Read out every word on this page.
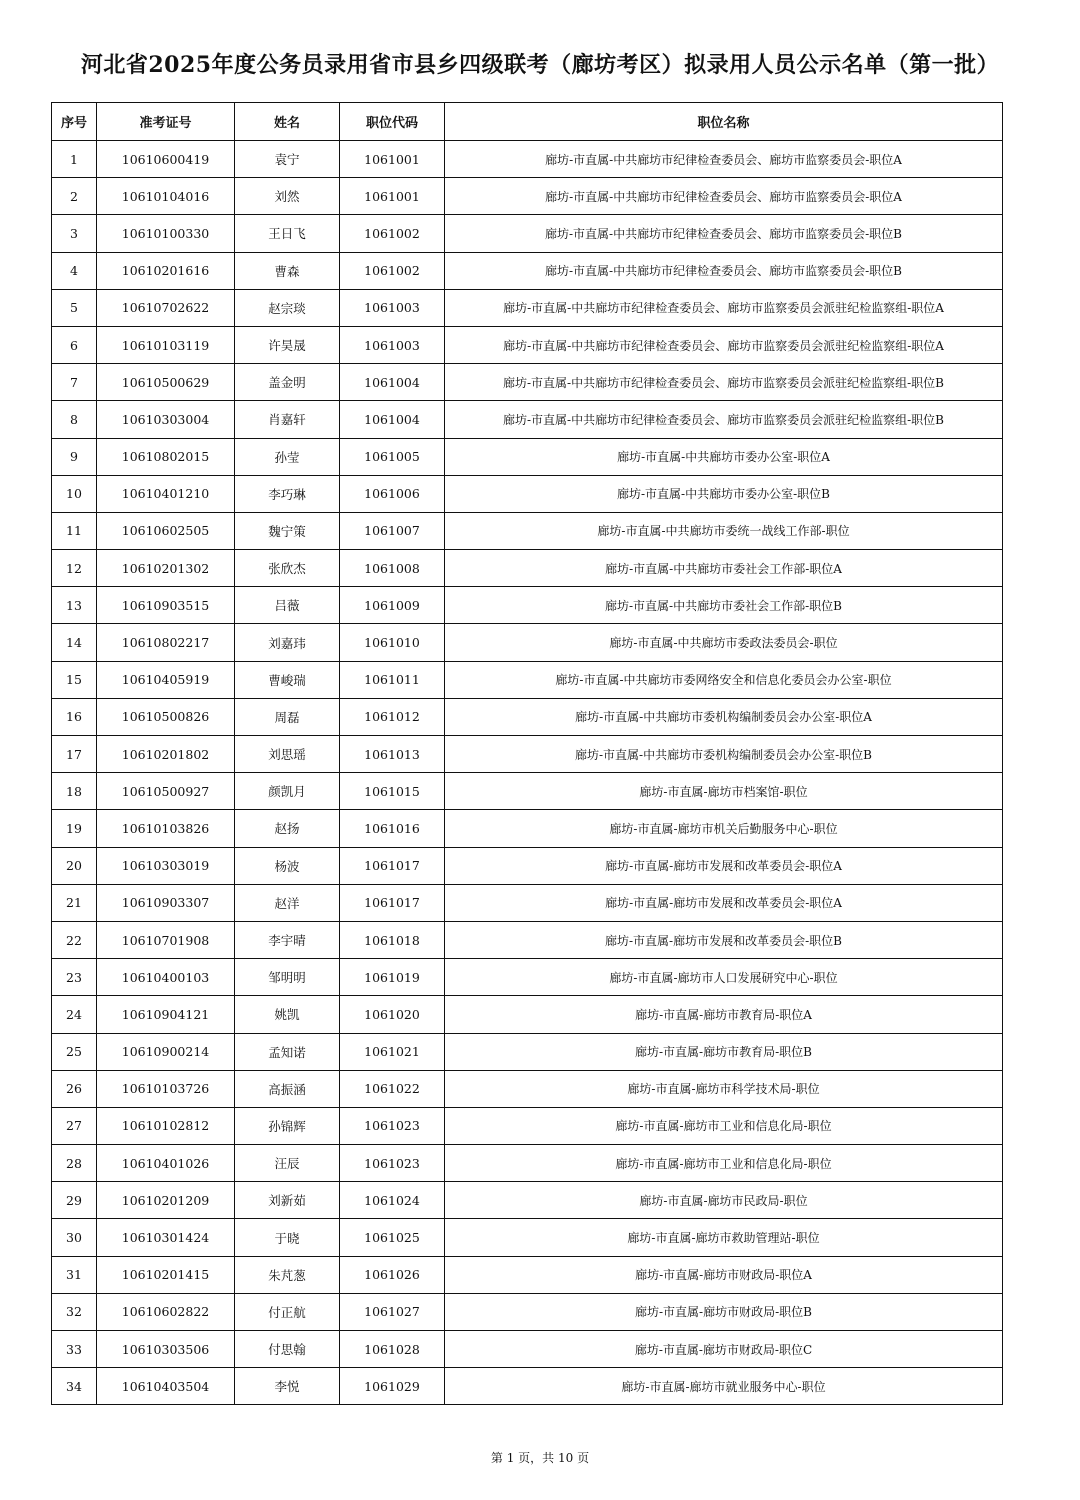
河北省2025年度公务员录用省市县乡四级联考（廊坊考区）拟录用人员公示名单（第一批）
序号	准考证号	姓名	职位代码	职位名称
1	10610600419	袁宁	1061001	廊坊-市直属-中共廊坊市纪律检查委员会、廊坊市监察委员会-职位A
2	10610104016	刘然	1061001	廊坊-市直属-中共廊坊市纪律检查委员会、廊坊市监察委员会-职位A
3	10610100330	王日飞	1061002	廊坊-市直属-中共廊坊市纪律检查委员会、廊坊市监察委员会-职位B
4	10610201616	曹森	1061002	廊坊-市直属-中共廊坊市纪律检查委员会、廊坊市监察委员会-职位B
5	10610702622	赵宗琰	1061003	廊坊-市直属-中共廊坊市纪律检查委员会、廊坊市监察委员会派驻纪检监察组-职位A
6	10610103119	许昊晟	1061003	廊坊-市直属-中共廊坊市纪律检查委员会、廊坊市监察委员会派驻纪检监察组-职位A
7	10610500629	盖金明	1061004	廊坊-市直属-中共廊坊市纪律检查委员会、廊坊市监察委员会派驻纪检监察组-职位B
8	10610303004	肖嘉轩	1061004	廊坊-市直属-中共廊坊市纪律检查委员会、廊坊市监察委员会派驻纪检监察组-职位B
9	10610802015	孙莹	1061005	廊坊-市直属-中共廊坊市委办公室-职位A
10	10610401210	李巧琳	1061006	廊坊-市直属-中共廊坊市委办公室-职位B
11	10610602505	魏宁策	1061007	廊坊-市直属-中共廊坊市委统一战线工作部-职位
12	10610201302	张欣杰	1061008	廊坊-市直属-中共廊坊市委社会工作部-职位A
13	10610903515	吕薇	1061009	廊坊-市直属-中共廊坊市委社会工作部-职位B
14	10610802217	刘嘉玮	1061010	廊坊-市直属-中共廊坊市委政法委员会-职位
15	10610405919	曹峻瑞	1061011	廊坊-市直属-中共廊坊市委网络安全和信息化委员会办公室-职位
16	10610500826	周磊	1061012	廊坊-市直属-中共廊坊市委机构编制委员会办公室-职位A
17	10610201802	刘思瑶	1061013	廊坊-市直属-中共廊坊市委机构编制委员会办公室-职位B
18	10610500927	颜凯月	1061015	廊坊-市直属-廊坊市档案馆-职位
19	10610103826	赵扬	1061016	廊坊-市直属-廊坊市机关后勤服务中心-职位
20	10610303019	杨波	1061017	廊坊-市直属-廊坊市发展和改革委员会-职位A
21	10610903307	赵洋	1061017	廊坊-市直属-廊坊市发展和改革委员会-职位A
22	10610701908	李宇晴	1061018	廊坊-市直属-廊坊市发展和改革委员会-职位B
23	10610400103	邹明明	1061019	廊坊-市直属-廊坊市人口发展研究中心-职位
24	10610904121	姚凯	1061020	廊坊-市直属-廊坊市教育局-职位A
25	10610900214	孟知诺	1061021	廊坊-市直属-廊坊市教育局-职位B
26	10610103726	高振涵	1061022	廊坊-市直属-廊坊市科学技术局-职位
27	10610102812	孙锦辉	1061023	廊坊-市直属-廊坊市工业和信息化局-职位
28	10610401026	汪辰	1061023	廊坊-市直属-廊坊市工业和信息化局-职位
29	10610201209	刘新茹	1061024	廊坊-市直属-廊坊市民政局-职位
30	10610301424	于晓	1061025	廊坊-市直属-廊坊市救助管理站-职位
31	10610201415	朱芃葱	1061026	廊坊-市直属-廊坊市财政局-职位A
32	10610602822	付正航	1061027	廊坊-市直属-廊坊市财政局-职位B
33	10610303506	付思翰	1061028	廊坊-市直属-廊坊市财政局-职位C
34	10610403504	李悦	1061029	廊坊-市直属-廊坊市就业服务中心-职位
第 1 页，共 10 页
